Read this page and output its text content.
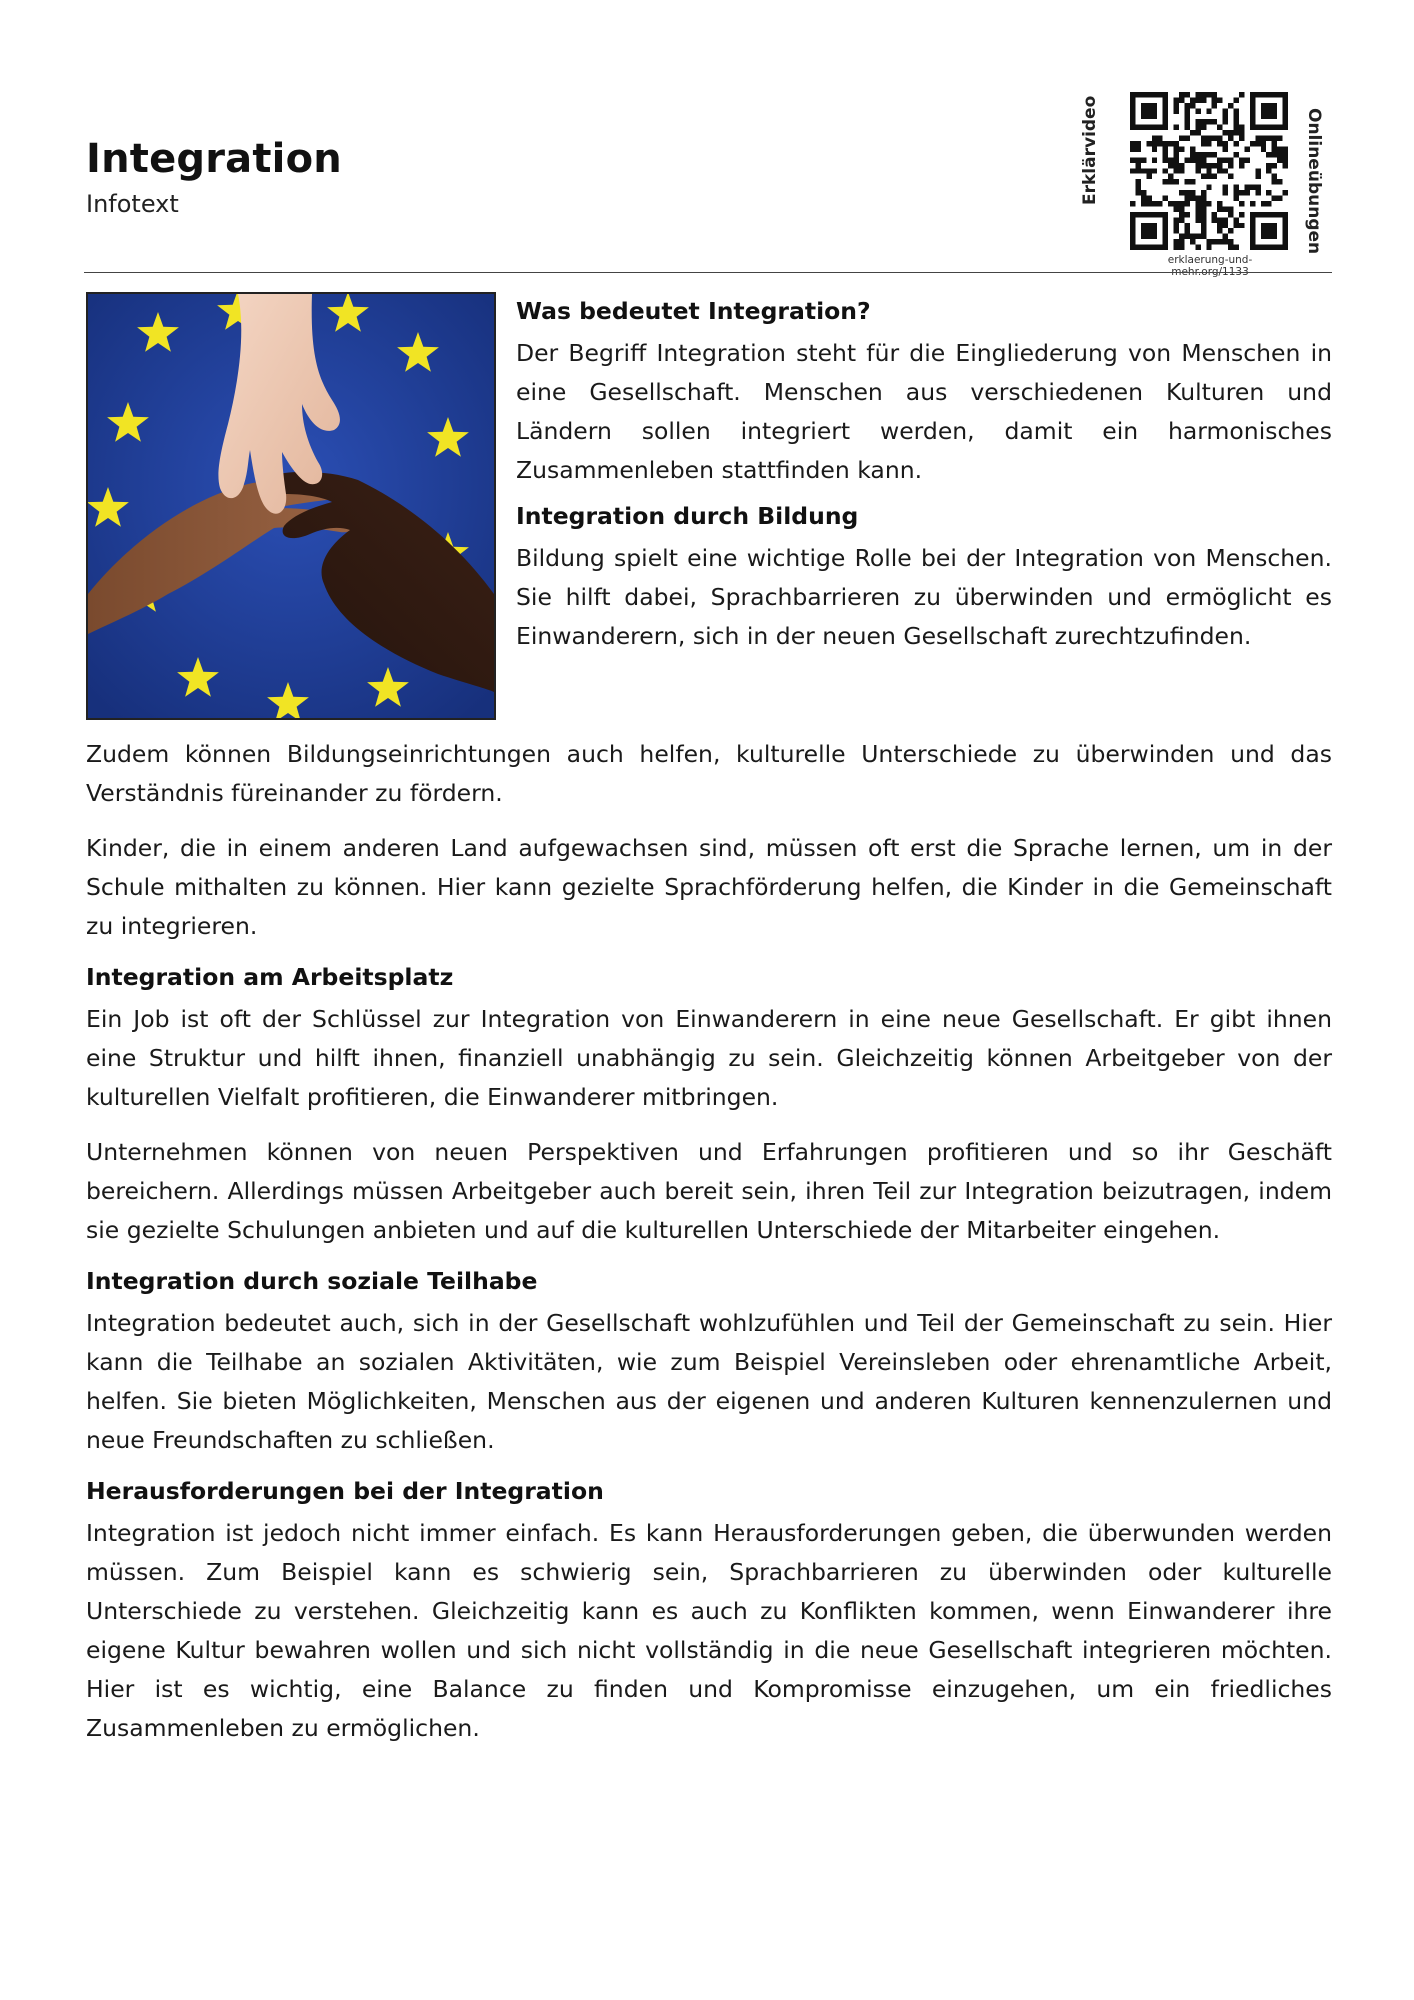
Integration
Infotext	Erklärvideo	Onlineübungen
erklaerung-und-mehr.org/1133
Was bedeutet Integration?

Der Begriff Integration steht für die Eingliederung von Menschen in eine Gesellschaft. Menschen aus verschiedenen Kulturen und Ländern sollen integriert werden, damit ein harmonisches Zusammenleben stattfinden kann.

Integration durch Bildung

Bildung spielt eine wichtige Rolle bei der Integration von Menschen. Sie hilft dabei, Sprachbarrieren zu überwinden und ermöglicht es Einwanderern, sich in der neuen Gesellschaft zurechtzufinden.

Zudem können Bildungseinrichtungen auch helfen, kulturelle Unterschiede zu überwinden und das Verständnis füreinander zu fördern.

Kinder, die in einem anderen Land aufgewachsen sind, müssen oft erst die Sprache lernen, um in der Schule mithalten zu können. Hier kann gezielte Sprachförderung helfen, die Kinder in die Gemeinschaft zu integrieren.

Integration am Arbeitsplatz

Ein Job ist oft der Schlüssel zur Integration von Einwanderern in eine neue Gesellschaft. Er gibt ihnen eine Struktur und hilft ihnen, finanziell unabhängig zu sein. Gleichzeitig können Arbeitgeber von der kulturellen Vielfalt profitieren, die Einwanderer mitbringen.

Unternehmen können von neuen Perspektiven und Erfahrungen profitieren und so ihr Geschäft bereichern. Allerdings müssen Arbeitgeber auch bereit sein, ihren Teil zur Integration beizutragen, indem sie gezielte Schulungen anbieten und auf die kulturellen Unterschiede der Mitarbeiter eingehen.

Integration durch soziale Teilhabe

Integration bedeutet auch, sich in der Gesellschaft wohlzufühlen und Teil der Gemeinschaft zu sein. Hier kann die Teilhabe an sozialen Aktivitäten, wie zum Beispiel Vereinsleben oder ehrenamtliche Arbeit, helfen. Sie bieten Möglichkeiten, Menschen aus der eigenen und anderen Kulturen kennenzulernen und neue Freundschaften zu schließen.

Herausforderungen bei der Integration

Integration ist jedoch nicht immer einfach. Es kann Herausforderungen geben, die überwunden werden müssen. Zum Beispiel kann es schwierig sein, Sprachbarrieren zu überwinden oder kulturelle Unterschiede zu verstehen. Gleichzeitig kann es auch zu Konflikten kommen, wenn Einwanderer ihre eigene Kultur bewahren wollen und sich nicht vollständig in die neue Gesellschaft integrieren möchten. Hier ist es wichtig, eine Balance zu finden und Kompromisse einzugehen, um ein friedliches Zusammenleben zu ermöglichen.
